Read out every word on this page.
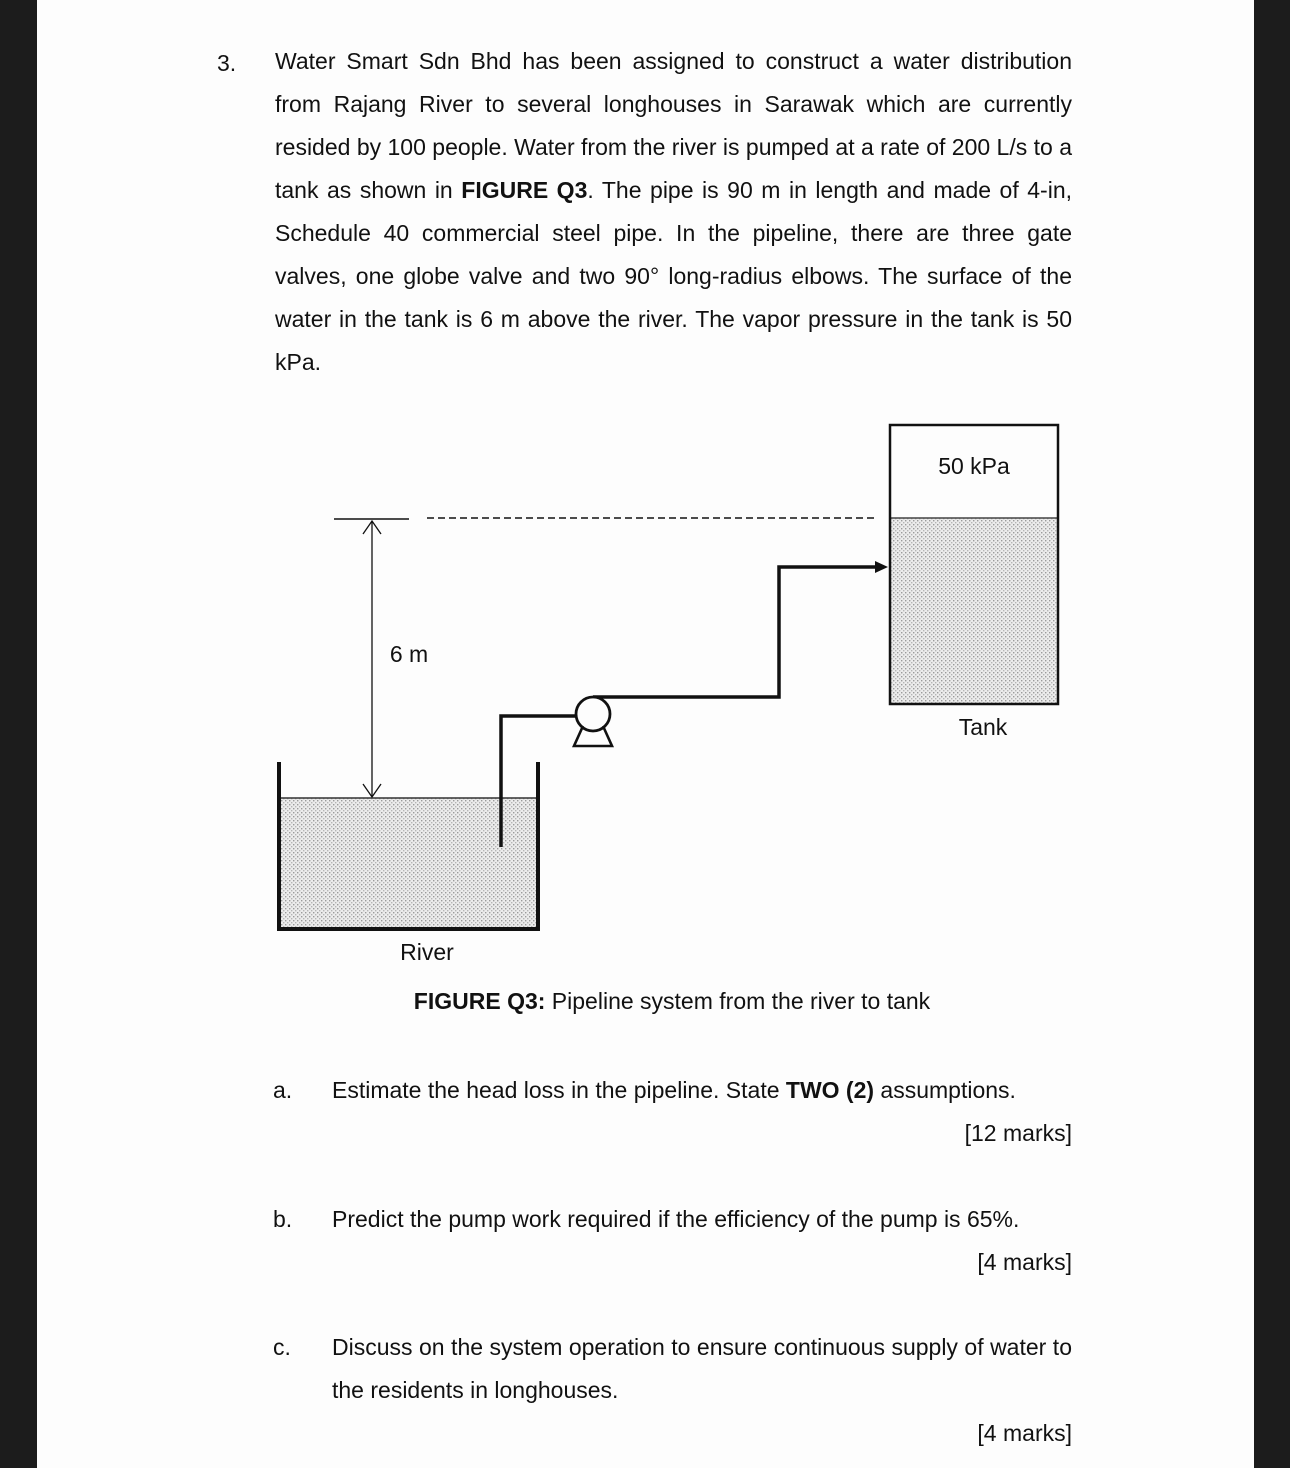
3. Water Smart Sdn Bhd has been assigned to construct a water distribution from Rajang River to several longhouses in Sarawak which are currently resided by 100 people. Water from the river is pumped at a rate of 200 L/s to a tank as shown in FIGURE Q3. The pipe is 90 m in length and made of 4-in, Schedule 40 commercial steel pipe. In the pipeline, there are three gate valves, one globe valve and two 90° long-radius elbows. The surface of the water in the tank is 6 m above the river. The vapor pressure in the tank is 50 kPa.

50 kPa
6 m
Tank
River
FIGURE Q3: Pipeline system from the river to tank
a. Estimate the head loss in the pipeline. State TWO (2) assumptions.
[12 marks]
b. Predict the pump work required if the efficiency of the pump is 65%.
[4 marks]
c. Discuss on the system operation to ensure continuous supply of water to the residents in longhouses.
[4 marks]
